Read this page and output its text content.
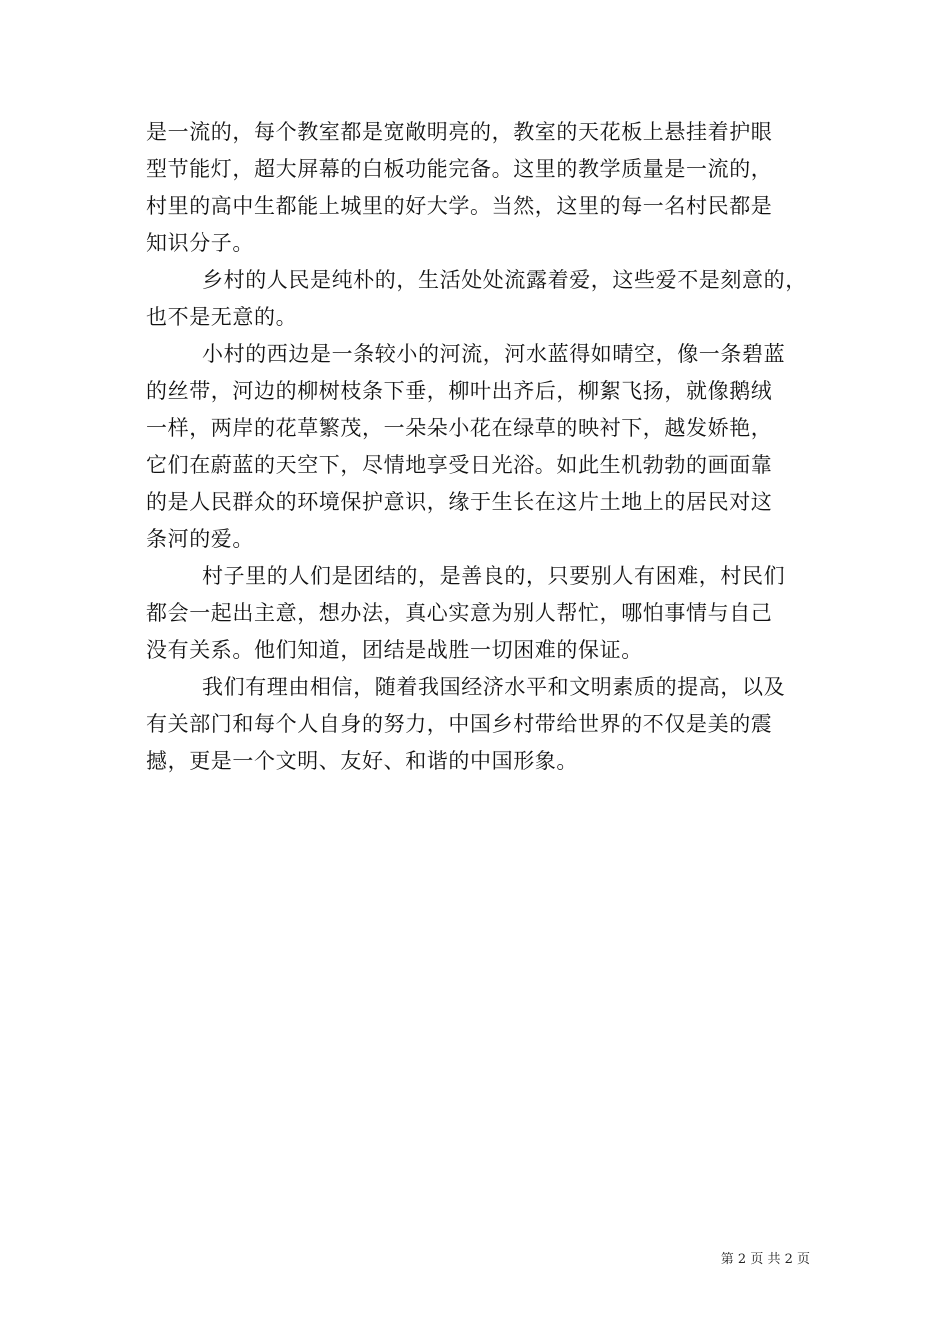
是一流的，每个教室都是宽敞明亮的，教室的天花板上悬挂着护眼
型节能灯，超大屏幕的白板功能完备。这里的教学质量是一流的，
村里的高中生都能上城里的好大学。当然，这里的每一名村民都是
知识分子。
乡村的人民是纯朴的，生活处处流露着爱，这些爱不是刻意的，
也不是无意的。
小村的西边是一条较小的河流，河水蓝得如晴空，像一条碧蓝
的丝带，河边的柳树枝条下垂，柳叶出齐后，柳絮飞扬，就像鹅绒
一样，两岸的花草繁茂，一朵朵小花在绿草的映衬下，越发娇艳，
它们在蔚蓝的天空下，尽情地享受日光浴。如此生机勃勃的画面靠
的是人民群众的环境保护意识，缘于生长在这片土地上的居民对这
条河的爱。
村子里的人们是团结的，是善良的，只要别人有困难，村民们
都会一起出主意，想办法，真心实意为别人帮忙，哪怕事情与自己
没有关系。他们知道，团结是战胜一切困难的保证。
我们有理由相信，随着我国经济水平和文明素质的提高，以及
有关部门和每个人自身的努力，中国乡村带给世界的不仅是美的震
撼，更是一个文明、友好、和谐的中国形象。
第 2 页 共 2 页
